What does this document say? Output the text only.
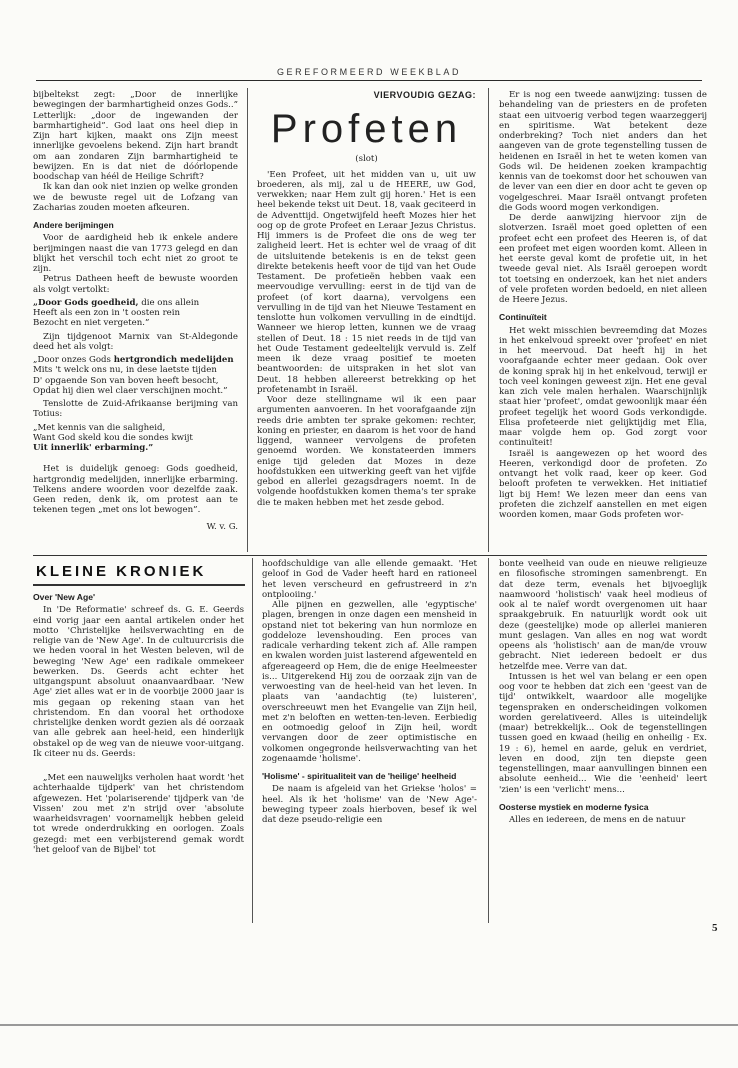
GEREFORMEERD WEEKBLAD

bijbeltekst zegt: „Door de innerlijke bewegingen der barmhartigheid onzes Gods..” Letterlijk: „door de ingewanden der barmhartigheid”. God laat ons heel diep in Zijn hart kijken, maakt ons Zijn meest innerlijke gevoelens bekend. Zijn hart brandt om aan zondaren Zijn barmhartigheid te bewijzen. En is dat niet de dóórlopende boodschap van héél de Heilige Schrift?

Ik kan dan ook niet inzien op welke gronden we de bewuste regel uit de Lofzang van Zacharias zouden moeten afkeuren.

Andere berijmingen

Voor de aardigheid heb ik enkele andere berijmingen naast die van 1773 gelegd en dan blijkt het verschil toch echt niet zo groot te zijn.

Petrus Datheen heeft de bewuste woorden als volgt vertolkt:

„Door Gods goedheid, die ons allein
Heeft als een zon in 't oosten rein
Bezocht en niet vergeten.”

Zijn tijdgenoot Marnix van St-Aldegonde deed het als volgt:

„Door onzes Gods hertgrondich medelijden
Mits 't welck ons nu, in dese laetste tijden
D' opgaende Son van boven heeft besocht,
Opdat hij dien wel claer verschijnen mocht.”

Tenslotte de Zuid-Afrikaanse berijming van Totius:

„Met kennis van die saligheid,
Want God skeld kou die sondes kwijt
Uit innerlik' erbarming.”

Het is duidelijk genoeg: Gods goedheid, hartgrondig medelijden, innerlijke erbarming. Telkens andere woorden voor dezelfde zaak. Geen reden, denk ik, om protest aan te tekenen tegen „met ons lot bewogen”.

W. v. G.
VIERVOUDIG GEZAG:
Profeten
(slot)

'Een Profeet, uit het midden van u, uit uw broederen, als mij, zal u de HEERE, uw God, verwekken; naar Hem zult gij horen.' Het is een heel bekende tekst uit Deut. 18, vaak geciteerd in de Adventtijd. Ongetwijfeld heeft Mozes hier het oog op de grote Profeet en Leraar Jezus Christus. Hij immers is de Profeet die ons de weg ter zaligheid leert. Het is echter wel de vraag of dit de uitsluitende betekenis is en de tekst geen direkte betekenis heeft voor de tijd van het Oude Testament. De profetieën hebben vaak een meervoudige vervulling: eerst in de tijd van de profeet (of kort daarna), vervolgens een vervulling in de tijd van het Nieuwe Testament en tenslotte hun volkomen vervulling in de eindtijd. Wanneer we hierop letten, kunnen we de vraag stellen of Deut. 18 : 15 niet reeds in de tijd van het Oude Testament gedeeltelijk vervuld is. Zelf meen ik deze vraag positief te moeten beantwoorden: de uitspraken in het slot van Deut. 18 hebben allereerst betrekking op het profetenambt in Israël.

Voor deze stellingname wil ik een paar argumenten aanvoeren. In het voorafgaande zijn reeds drie ambten ter sprake gekomen: rechter, koning en priester, en daarom is het voor de hand liggend, wanneer vervolgens de profeten genoemd worden. We konstateerden immers enige tijd geleden dat Mozes in deze hoofdstukken een uitwerking geeft van het vijfde gebod en allerlei gezagsdragers noemt. In de volgende hoofdstukken komen thema's ter sprake die te maken hebben met het zesde gebod.

Er is nog een tweede aanwijzing: tussen de behandeling van de priesters en de profeten staat een uitvoerig verbod tegen waarzeggerij en spiritisme. Wat betekent deze onderbreking? Toch niet anders dan het aangeven van de grote tegenstelling tussen de heidenen en Israël in het te weten komen van Gods wil. De heidenen zoeken krampachtig kennis van de toekomst door het schouwen van de lever van een dier en door acht te geven op vogelgeschrei. Maar Israël ontvangt profeten die Gods woord mogen verkondigen.

De derde aanwijzing hiervoor zijn de slotverzen. Israël moet goed opletten of een profeet echt een profeet des Heeren is, of dat een profeet met eigen woorden komt. Alleen in het eerste geval komt de profetie uit, in het tweede geval niet. Als Israël geroepen wordt tot toetsing en onderzoek, kan het niet anders of vele profeten worden bedoeld, en niet alleen de Heere Jezus.

Continuïteit

Het wekt misschien bevreemding dat Mozes in het enkelvoud spreekt over 'profeet' en niet in het meervoud. Dat heeft hij in het voorafgaande echter meer gedaan. Ook over de koning sprak hij in het enkelvoud, terwijl er toch veel koningen geweest zijn. Het ene geval kan zich vele malen herhalen. Waarschijnlijk staat hier 'profeet', omdat gewoonlijk maar één profeet tegelijk het woord Gods verkondigde. Elisa profeteerde niet gelijktijdig met Elia, maar volgde hem op. God zorgt voor continuïteit!

Israël is aangewezen op het woord des Heeren, verkondigd door de profeten. Zo ontvangt het volk raad, keer op keer. God belooft profeten te verwekken. Het initiatief ligt bij Hem! We lezen meer dan eens van profeten die zichzelf aanstellen en met eigen woorden komen, maar Gods profeten wor-

KLEINE KRONIEK
Over 'New Age'

In 'De Reformatie' schreef ds. G. E. Geerds eind vorig jaar een aantal artikelen onder het motto 'Christelijke heilsverwachting en de religie van de 'New Age'. In de cultuurcrisis die we heden vooral in het Westen beleven, wil de beweging 'New Age' een radikale ommekeer bewerken. Ds. Geerds acht echter het uitgangspunt absoluut onaanvaardbaar. 'New Age' ziet alles wat er in de voorbije 2000 jaar is mis gegaan op rekening staan van het christendom. En dan vooral het orthodoxe christelijke denken wordt gezien als dé oorzaak van alle gebrek aan heel-heid, een hinderlijk obstakel op de weg van de nieuwe voor-uitgang. Ik citeer nu ds. Geerds:

„Met een nauwelijks verholen haat wordt 'het achterhaalde tijdperk' van het christendom afgewezen. Het 'polariserende' tijdperk van 'de Vissen' zou met z'n strijd over 'absolute waarheidsvragen' voornamelijk hebben geleid tot wrede onderdrukking en oorlogen. Zoals gezegd: met een verbijsterend gemak wordt 'het geloof van de Bijbel' tot

hoofdschuldige van alle ellende gemaakt. 'Het geloof in God de Vader heeft hard en rationeel het leven verscheurd en gefrustreerd in z'n ontplooiing.'

Alle pijnen en gezwellen, alle 'egyptische' plagen, brengen in onze dagen een mensheid in opstand niet tot bekering van hun normloze en goddeloze levenshouding. Een proces van radicale verharding tekent zich af. Alle rampen en kwalen worden juist lasterend afgewenteld en afgereageerd op Hem, die de enige Heelmeester is... Uitgerekend Hij zou de oorzaak zijn van de verwoesting van de heel-heid van het leven. In plaats van 'aandachtig (te) luisteren', overschreeuwt men het Evangelie van Zijn heil, met z'n beloften en wetten-ten-leven. Eerbiedig en ootmoedig geloof in Zijn heil, wordt vervangen door de zeer optimistische en volkomen ongegronde heilsverwachting van het zogenaamde 'holisme'.

'Holisme' - spiritualiteit van de 'heilige' heelheid

De naam is afgeleid van het Griekse 'holos' = heel. Als ik het 'holisme' van de 'New Age'-beweging typeer zoals hierboven, besef ik wel dat deze pseudo-religie een

bonte veelheid van oude en nieuwe religieuze en filosofische stromingen samenbrengt. En dat deze term, evenals het bijvoeglijk naamwoord 'holistisch' vaak heel modieus of ook al te naïef wordt overgenomen uit haar spraakgebruik. En natuurlijk wordt ook uit deze (geestelijke) mode op allerlei manieren munt geslagen. Van alles en nog wat wordt opeens als 'holistisch' aan de man/de vrouw gebracht. Niet iedereen bedoelt er dus hetzelfde mee. Verre van dat.

Intussen is het wel van belang er een open oog voor te hebben dat zich een 'geest van de tijd' ontwikkelt, waardoor alle mogelijke tegenspraken en onderscheidingen volkomen worden gerelativeerd. Alles is uiteindelijk (maar) betrekkelijk... Ook de tegenstellingen tussen goed en kwaad (heilig en onheilig - Ex. 19 : 6), hemel en aarde, geluk en verdriet, leven en dood, zijn ten diepste geen tegenstellingen, maar aanvullingen binnen een absolute eenheid... Wie die 'eenheid' leert 'zien' is een 'verlicht' mens...

Oosterse mystiek en moderne fysica

Alles en iedereen, de mens en de natuur

5
